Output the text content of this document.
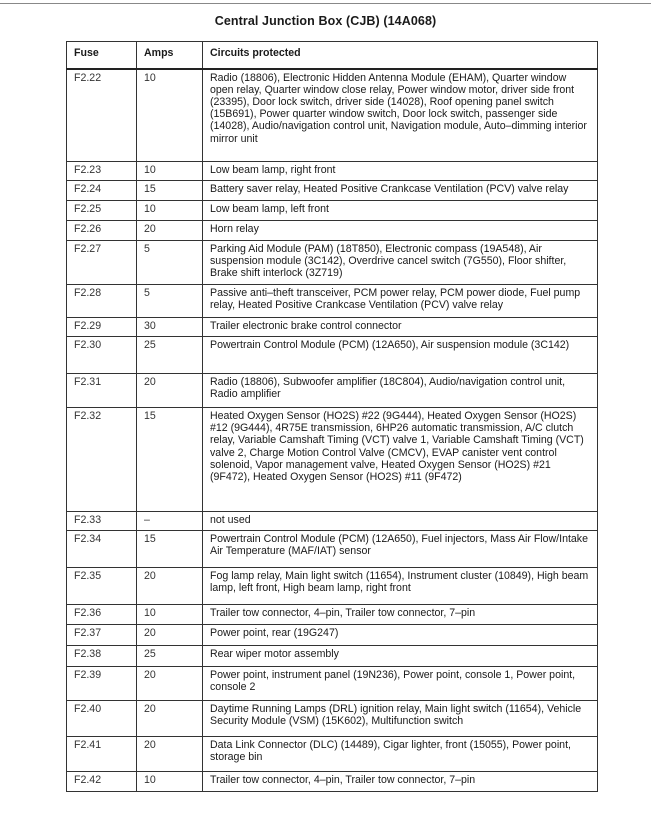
Central Junction Box (CJB) (14A068)
Fuse	Amps	Circuits protected
F2.22	10	Radio (18806), Electronic Hidden Antenna Module (EHAM), Quarter window open relay, Quarter window close relay, Power window motor, driver side front (23395), Door lock switch, driver side (14028), Roof opening panel switch (15B691), Power quarter window switch, Door lock switch, passenger side (14028), Audio/navigation control unit, Navigation module, Auto–dimming interior mirror unit
F2.23	10	Low beam lamp, right front
F2.24	15	Battery saver relay, Heated Positive Crankcase Ventilation (PCV) valve relay
F2.25	10	Low beam lamp, left front
F2.26	20	Horn relay
F2.27	5	Parking Aid Module (PAM) (18T850), Electronic compass (19A548), Air suspension module (3C142), Overdrive cancel switch (7G550), Floor shifter, Brake shift interlock (3Z719)
F2.28	5	Passive anti–theft transceiver, PCM power relay, PCM power diode, Fuel pump relay, Heated Positive Crankcase Ventilation (PCV) valve relay
F2.29	30	Trailer electronic brake control connector
F2.30	25	Powertrain Control Module (PCM) (12A650), Air suspension module (3C142)
F2.31	20	Radio (18806), Subwoofer amplifier (18C804), Audio/navigation control unit, Radio amplifier
F2.32	15	Heated Oxygen Sensor (HO2S) #22 (9G444), Heated Oxygen Sensor (HO2S) #12 (9G444), 4R75E transmission, 6HP26 automatic transmission, A/C clutch relay, Variable Camshaft Timing (VCT) valve 1, Variable Camshaft Timing (VCT) valve 2, Charge Motion Control Valve (CMCV), EVAP canister vent control solenoid, Vapor management valve, Heated Oxygen Sensor (HO2S) #21 (9F472), Heated Oxygen Sensor (HO2S) #11 (9F472)
F2.33	–	not used
F2.34	15	Powertrain Control Module (PCM) (12A650), Fuel injectors, Mass Air Flow/Intake Air Temperature (MAF/IAT) sensor
F2.35	20	Fog lamp relay, Main light switch (11654), Instrument cluster (10849), High beam lamp, left front, High beam lamp, right front
F2.36	10	Trailer tow connector, 4–pin, Trailer tow connector, 7–pin
F2.37	20	Power point, rear (19G247)
F2.38	25	Rear wiper motor assembly
F2.39	20	Power point, instrument panel (19N236), Power point, console 1, Power point, console 2
F2.40	20	Daytime Running Lamps (DRL) ignition relay, Main light switch (11654), Vehicle Security Module (VSM) (15K602), Multifunction switch
F2.41	20	Data Link Connector (DLC) (14489), Cigar lighter, front (15055), Power point, storage bin
F2.42	10	Trailer tow connector, 4–pin, Trailer tow connector, 7–pin
